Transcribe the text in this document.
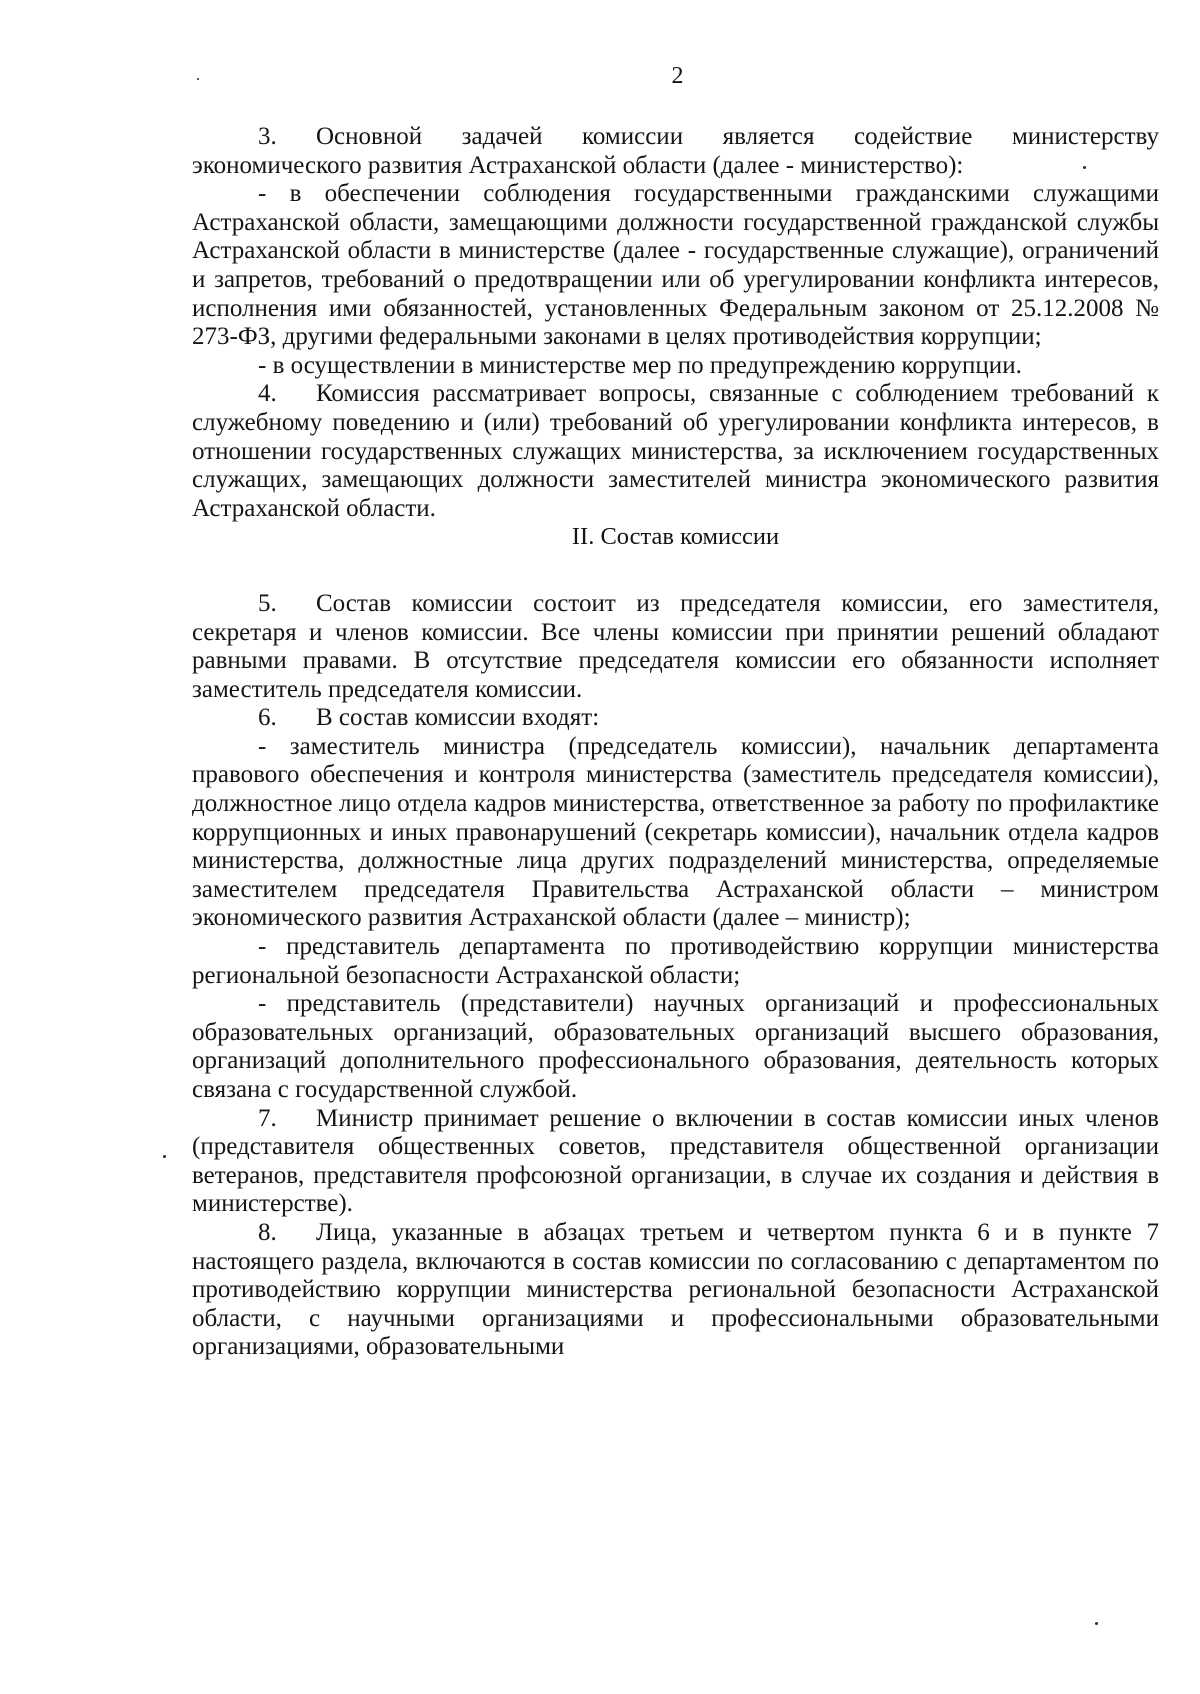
2

3. Основной задачей комиссии является содействие министерству экономического развития Астраханской области (далее - министерство):

- в обеспечении соблюдения государственными гражданскими служащими Астраханской области, замещающими должности государственной гражданской службы Астраханской области в министерстве (далее - государственные служащие), ограничений и запретов, требований о предотвращении или об урегулировании конфликта интересов, исполнения ими обязанностей, установленных Федеральным законом от 25.12.2008 № 273-ФЗ, другими федеральными законами в целях противодействия коррупции;

- в осуществлении в министерстве мер по предупреждению коррупции.

4. Комиссия рассматривает вопросы, связанные с соблюдением требований к служебному поведению и (или) требований об урегулировании конфликта интересов, в отношении государственных служащих министерства, за исключением государственных служащих, замещающих должности заместителей министра экономического развития Астраханской области.

II. Состав комиссии

5. Состав комиссии состоит из председателя комиссии, его заместителя, секретаря и членов комиссии. Все члены комиссии при принятии решений обладают равными правами. В отсутствие председателя комиссии его обязанности исполняет заместитель председателя комиссии.

6. В состав комиссии входят:

- заместитель министра (председатель комиссии), начальник департамента правового обеспечения и контроля министерства (заместитель председателя комиссии), должностное лицо отдела кадров министерства, ответственное за работу по профилактике коррупционных и иных правонарушений (секретарь комиссии), начальник отдела кадров министерства, должностные лица других подразделений министерства, определяемые заместителем председателя Правительства Астраханской области – министром экономического развития Астраханской области (далее – министр);

- представитель департамента по противодействию коррупции министерства региональной безопасности Астраханской области;

- представитель (представители) научных организаций и профессиональных образовательных организаций, образовательных организаций высшего образования, организаций дополнительного профессионального образования, деятельность которых связана с государственной службой.

7. Министр принимает решение о включении в состав комиссии иных членов (представителя общественных советов, представителя общественной организации ветеранов, представителя профсоюзной организации, в случае их создания и действия в министерстве).

8. Лица, указанные в абзацах третьем и четвертом пункта 6 и в пункте 7 настоящего раздела, включаются в состав комиссии по согласованию с департаментом по противодействию коррупции министерства региональной безопасности Астраханской области, с научными организациями и профессиональными образовательными организациями, образовательными
